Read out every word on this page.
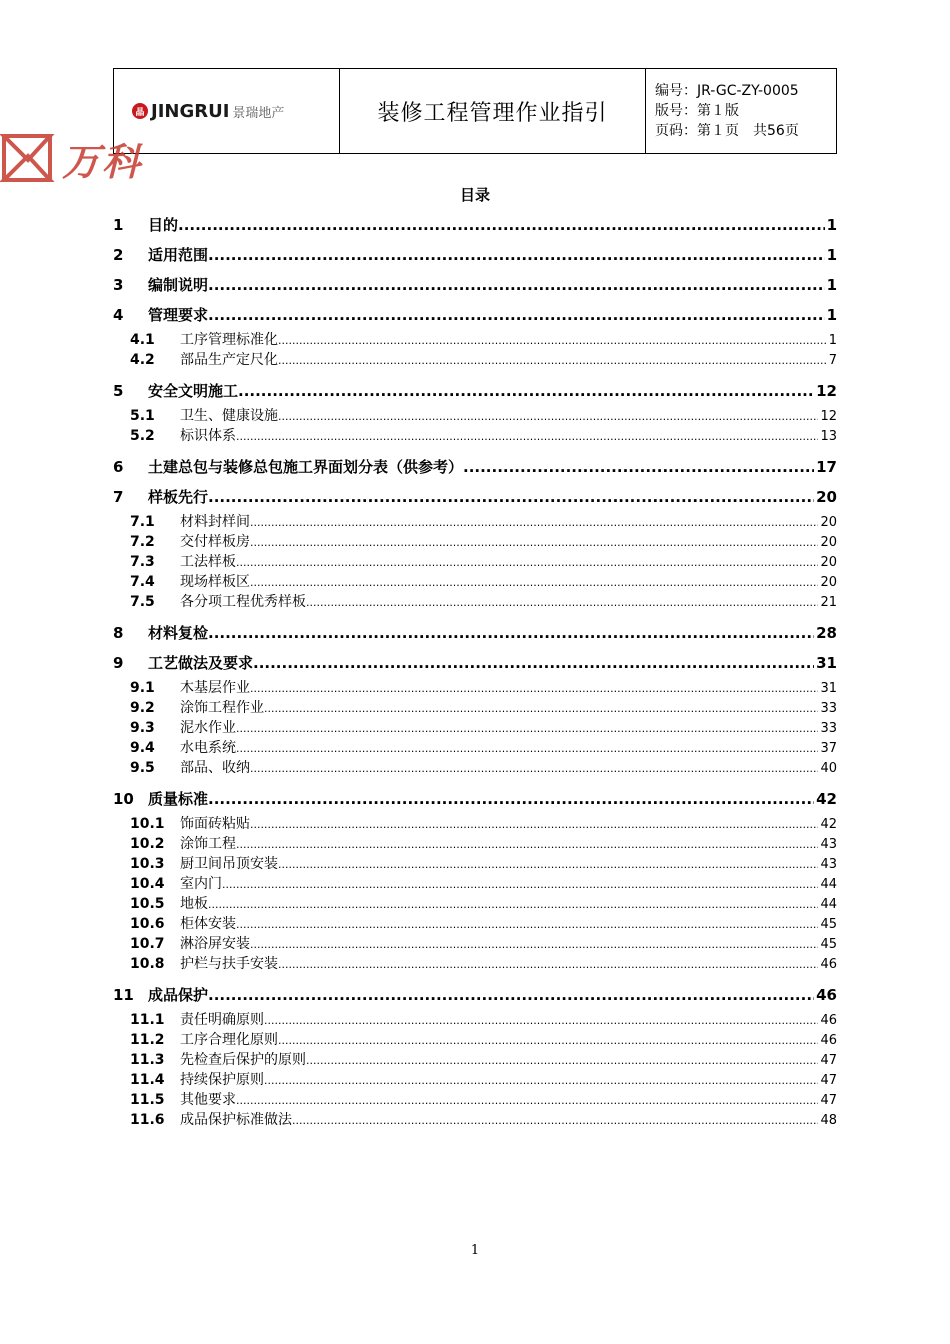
晶 JINGRUI 景瑞地产	装修工程管理作业指引
编号：JR-GC-ZY-0005
版号：第１版
页码：第１页　共56页
万科
目录
1	目的 .....	1
2	适用范围 .....	1
3	编制说明 .....	1
4	管理要求 .....	1
4.1	工序管理标准化 .....	1
4.2	部品生产定尺化 .....	7
5	安全文明施工 .....	12
5.1	卫生、健康设施 .....	12
5.2	标识体系 .....	13
6	土建总包与装修总包施工界面划分表（供参考） .....	17
7	样板先行 .....	20
7.1	材料封样间 .....	20
7.2	交付样板房 .....	20
7.3	工法样板 .....	20
7.4	现场样板区 .....	20
7.5	各分项工程优秀样板 .....	21
8	材料复检 .....	28
9	工艺做法及要求 .....	31
9.1	木基层作业 .....	31
9.2	涂饰工程作业 .....	33
9.3	泥水作业 .....	33
9.4	水电系统 .....	37
9.5	部品、收纳 .....	40
10 质量标准 .....	42
10.1	饰面砖粘贴 .....	42
10.2	涂饰工程 .....	43
10.3	厨卫间吊顶安装 .....	43
10.4	室内门 .....	44
10.5	地板 .....	44
10.6	柜体安装 .....	45
10.7	淋浴屏安装 .....	45
10.8	护栏与扶手安装 .....	46
11 成品保护 .....	46
11.1	责任明确原则 .....	46
11.2	工序合理化原则 .....	46
11.3	先检查后保护的原则 .....	47
11.4	持续保护原则 .....	47
11.5	其他要求 .....	47
11.6	成品保护标准做法 .....	48
1
